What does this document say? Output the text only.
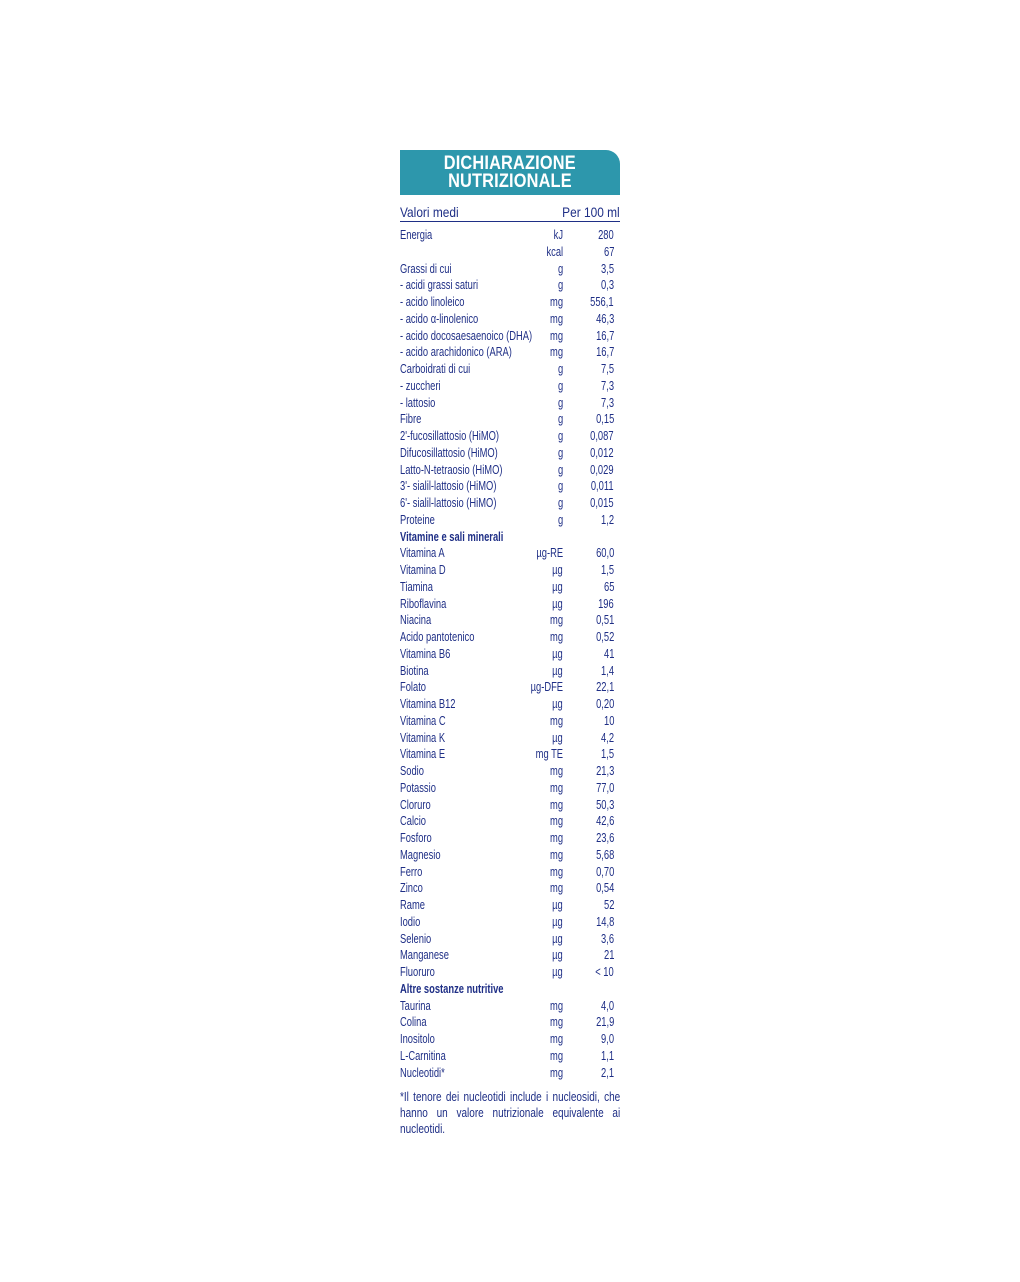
DICHIARAZIONE
NUTRIZIONALE
Valori medi	Per 100 ml
Energia	kJ	280
kcal	67
Grassi di cui	g	3,5
- acidi grassi saturi	g	0,3
- acido linoleico	mg 556,1
- acido α-linolenico	mg	46,3
- acido docosaesaenoico (DHA) mg	16,7
- acido arachidonico (ARA)	mg	16,7
Carboidrati di cui	g	7,5
- zuccheri	g	7,3
- lattosio	g	7,3
Fibre	g	0,15
2'-fucosillattosio (HiMO)	g 0,087
Difucosillattosio (HiMO)	g 0,012
Latto-N-tetraosio (HiMO)	g 0,029
3'- sialil-lattosio (HiMO)	g 0,011
6'- sialil-lattosio (HiMO)	g 0,015
Proteine	g	1,2
Vitamine e sali minerali
Vitamina A	µg-RE	60,0
Vitamina D	µg	1,5
Tiamina	µg	65
Riboflavina	µg	196
Niacina	mg	0,51
Acido pantotenico	mg	0,52
Vitamina B6	µg	41
Biotina	µg	1,4
Folato	µg-DFE	22,1
Vitamina B12	µg	0,20
Vitamina C	mg	10
Vitamina K	µg	4,2
Vitamina E	mg TE	1,5
Sodio	mg	21,3
Potassio	mg	77,0
Cloruro	mg	50,3
Calcio	mg	42,6
Fosforo	mg	23,6
Magnesio	mg	5,68
Ferro	mg	0,70
Zinco	mg	0,54
Rame	µg	52
Iodio	µg	14,8
Selenio	µg	3,6
Manganese	µg	21
Fluoruro	µg	< 10
Altre sostanze nutritive
Taurina	mg	4,0
Colina	mg	21,9
Inositolo	mg	9,0
L-Carnitina	mg	1,1
Nucleotidi*	mg	2,1
*Il tenore dei nucleotidi include i nucleosidi, che hanno un valore nutrizionale equivalente ai nucleotidi.
